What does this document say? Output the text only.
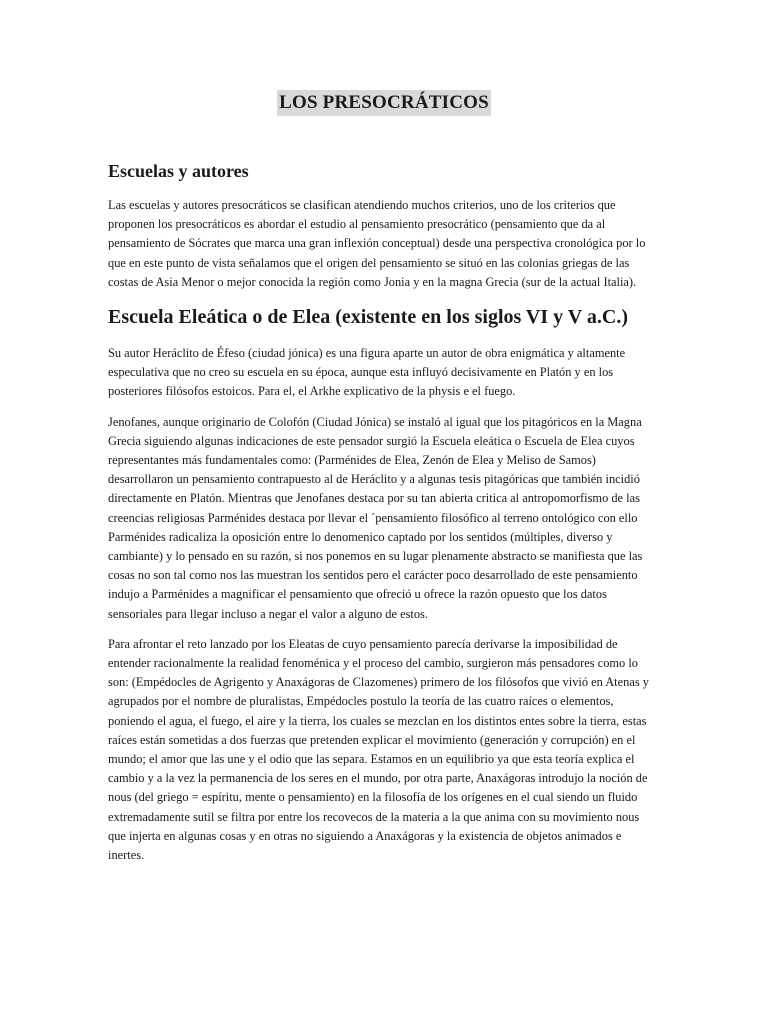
LOS PRESOCRÁTICOS
Escuelas y autores

Las escuelas y autores presocráticos se clasifican atendiendo muchos criterios, uno de los criterios que proponen los presocráticos es abordar el estudio al pensamiento presocrático (pensamiento que da al pensamiento de Sócrates que marca una gran inflexión conceptual) desde una perspectiva cronológica por lo que en este punto de vista señalamos que el origen del pensamiento se situó en las colonias griegas de las costas de Asia Menor o mejor conocida la región como Jonia y en la magna Grecia (sur de la actual Italia).

Escuela Eleática o de Elea (existente en los siglos VI y V a.C.)

Su autor Heráclito de Éfeso (ciudad jónica) es una figura aparte un autor de obra enigmática y altamente especulativa que no creo su escuela en su época, aunque esta influyó decisivamente en Platón y en los posteriores filósofos estoicos. Para el, el Arkhe explicativo de la physis e el fuego.

Jenofanes, aunque originario de Colofón (Ciudad Jónica) se instaló al igual que los pitagóricos en la Magna Grecia siguiendo algunas indicaciones de este pensador surgió la Escuela eleática o Escuela de Elea cuyos representantes más fundamentales como: (Parménides de Elea, Zenón de Elea y Meliso de Samos) desarrollaron un pensamiento contrapuesto al de Heráclito y a algunas tesis pitagóricas que también incidió directamente en Platón. Mientras que Jenofanes destaca por su tan abierta critica al antropomorfismo de las creencias religiosas Parménides destaca por llevar el ´pensamiento filosófico al terreno ontológico con ello Parménides radicaliza la oposición entre lo denomenico captado por los sentidos (múltiples, diverso y cambiante) y lo pensado en su razón, si nos ponemos en su lugar plenamente abstracto se manifiesta que las cosas no son tal como nos las muestran los sentidos pero el carácter poco desarrollado de este pensamiento indujo a Parménides a magnificar el pensamiento que ofreció u ofrece la razón opuesto que los datos sensoriales para llegar incluso a negar el valor a alguno de estos.

Para afrontar el reto lanzado por los Eleatas de cuyo pensamiento parecía derivarse la imposibilidad de entender racionalmente la realidad fenoménica y el proceso del cambio, surgieron más pensadores como lo son: (Empédocles de Agrigento y Anaxágoras de Clazomenes) primero de los filósofos que vivió en Atenas y agrupados por el nombre de pluralistas, Empédocles postulo la teoría de las cuatro raíces o elementos, poniendo el agua, el fuego, el aire y la tierra, los cuales se mezclan en los distintos entes sobre la tierra, estas raíces están sometidas a dos fuerzas que pretenden explicar el movimiento (generación y corrupción) en el mundo; el amor que las une y el odio que las separa. Estamos en un equilibrio ya que esta teoría explica el cambio y a la vez la permanencia de los seres en el mundo, por otra parte, Anaxágoras introdujo la noción de nous (del griego = espíritu, mente o pensamiento) en la filosofía de los orígenes en el cual siendo un fluido extremadamente sutil se filtra por entre los recovecos de la materia a la que anima con su movimiento nous que injerta en algunas cosas y en otras no siguiendo a Anaxágoras y la existencia de objetos animados e inertes.
